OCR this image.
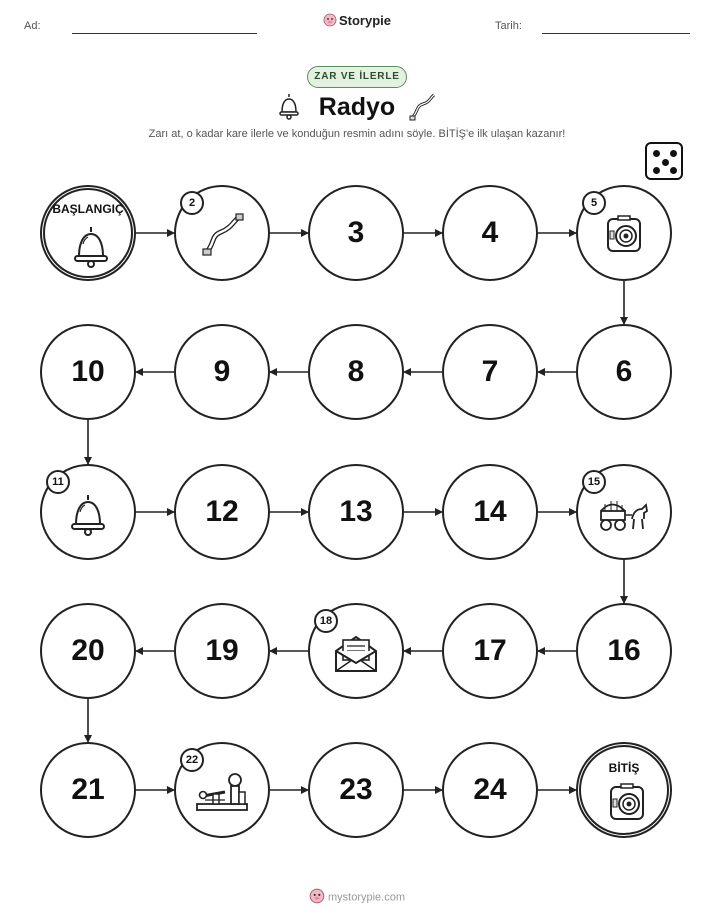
Ad:	Storypie	Tarih:
ZAR VE İLERLE
Radyo
Zarı at, o kadar kare ilerle ve konduğun resmin adını söyle. BİTİŞ'e ilk ulaşan kazanır!
BAŞLANGIÇ	2
3	4
5
6
7
8
9
10
11
12	13	14
15
16
17
18
19
20
21
22
23	24
BİTİŞ
mystorypie.com
